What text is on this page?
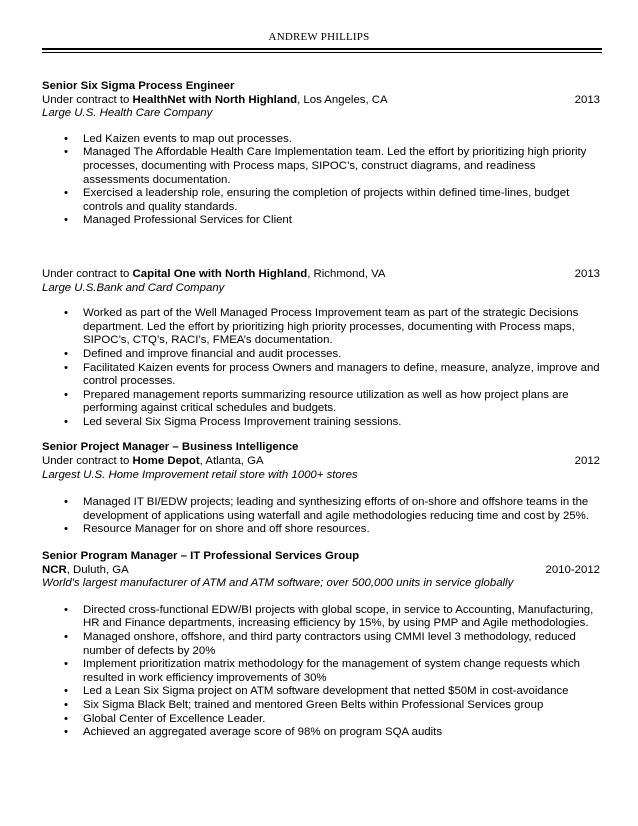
ANDREW PHILLIPS
Senior Six Sigma Process Engineer
Under contract to HealthNet with North Highland, Los Angeles, CA	2013
Large U.S. Health Care Company
• Led Kaizen events to map out processes.
• Managed The Affordable Health Care Implementation team. Led the effort by prioritizing high priority processes, documenting with Process maps, SIPOC’s, construct diagrams, and readiness assessments documentation.
• Exercised a leadership role, ensuring the completion of projects within defined time-lines, budget controls and quality standards.
• Managed Professional Services for Client
Under contract to Capital One with North Highland, Richmond, VA	2013
Large U.S.Bank and Card Company
• Worked as part of the Well Managed Process Improvement team as part of the strategic Decisions department. Led the effort by prioritizing high priority processes, documenting with Process maps, SIPOC’s, CTQ’s, RACI’s, FMEA’s documentation.
• Defined and improve financial and audit processes.
• Facilitated Kaizen events for process Owners and managers to define, measure, analyze, improve and control processes.
• Prepared management reports summarizing resource utilization as well as how project plans are performing against critical schedules and budgets.
• Led several Six Sigma Process Improvement training sessions.
Senior Project Manager – Business Intelligence
Under contract to Home Depot, Atlanta, GA	2012
Largest U.S. Home Improvement retail store with 1000+ stores
• Managed IT BI/EDW projects; leading and synthesizing efforts of on-shore and offshore teams in the development of applications using waterfall and agile methodologies reducing time and cost by 25%.
• Resource Manager for on shore and off shore resources.
Senior Program Manager – IT Professional Services Group
NCR, Duluth, GA	2010-2012
World's largest manufacturer of ATM and ATM software; over 500,000 units in service globally
• Directed cross-functional EDW/BI projects with global scope, in service to Accounting, Manufacturing, HR and Finance departments, increasing efficiency by 15%, by using PMP and Agile methodologies.
• Managed onshore, offshore, and third party contractors using CMMI level 3 methodology, reduced number of defects by 20%
• Implement prioritization matrix methodology for the management of system change requests which resulted in work efficiency improvements of 30%
• Led a Lean Six Sigma project on ATM software development that netted $50M in cost-avoidance
• Six Sigma Black Belt; trained and mentored Green Belts within Professional Services group
• Global Center of Excellence Leader.
• Achieved an aggregated average score of 98% on program SQA audits
